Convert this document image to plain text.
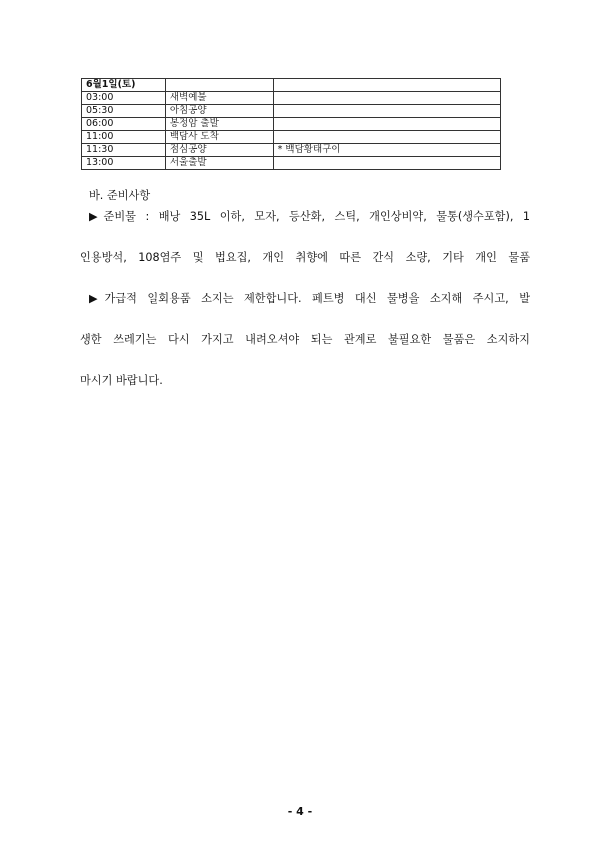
6월1일(토)		
03:00	새벽예불	
05:30	아침공양	
06:00	봉정암 출발	
11:00	백담사 도착	
11:30	점심공양	* 백담황태구이
13:00	서울출발	

바. 준비사항

▶준비물 : 배낭 35L 이하, 모자, 등산화, 스틱, 개인상비약, 물통(생수포함), 1

인용방석, 108염주 및 법요집, 개인 취향에 따른 간식 소량, 기타 개인 물품

▶가급적 일회용품 소지는 제한합니다. 페트병 대신 물병을 소지해 주시고, 발

생한 쓰레기는 다시 가지고 내려오셔야 되는 관계로 불필요한 물품은 소지하지

마시기 바랍니다.

- 4 -
